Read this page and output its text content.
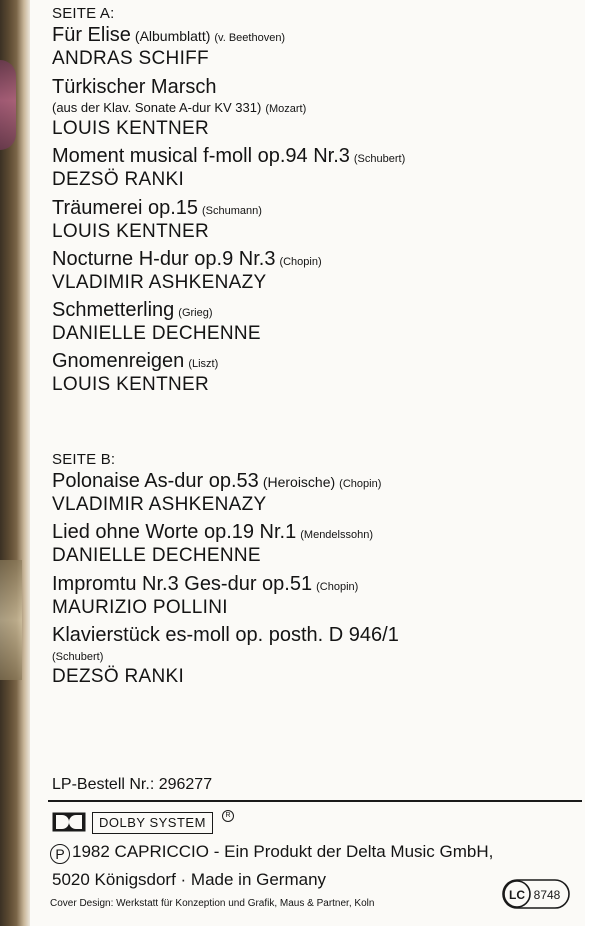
SEITE A:
Für Elise (Albumblatt) (v. Beethoven)
ANDRAS SCHIFF
Türkischer Marsch
(aus der Klav. Sonate A-dur KV 331) (Mozart)
LOUIS KENTNER
Moment musical f-moll op.94 Nr.3 (Schubert)
DEZSÖ RANKI
Träumerei op.15 (Schumann)
LOUIS KENTNER
Nocturne H-dur op.9 Nr.3 (Chopin)
VLADIMIR ASHKENAZY
Schmetterling (Grieg)
DANIELLE DECHENNE
Gnomenreigen (Liszt)
LOUIS KENTNER
SEITE B:
Polonaise As-dur op.53 (Heroische) (Chopin)
VLADIMIR ASHKENAZY
Lied ohne Worte op.19 Nr.1 (Mendelssohn)
DANIELLE DECHENNE
Impromtu Nr.3 Ges-dur op.51 (Chopin)
MAURIZIO POLLINI
Klavierstück es-moll op. posth. D 946/1
(Schubert)
DEZSÖ RANKI
LP-Bestell Nr.: 296277
DOLBY SYSTEM	R
P 1982 CAPRICCIO - Ein Produkt der Delta Music GmbH,
5020 Königsdorf · Made in Germany
Cover Design: Werkstatt für Konzeption und Grafik, Maus & Partner, Koln
LC 8748
